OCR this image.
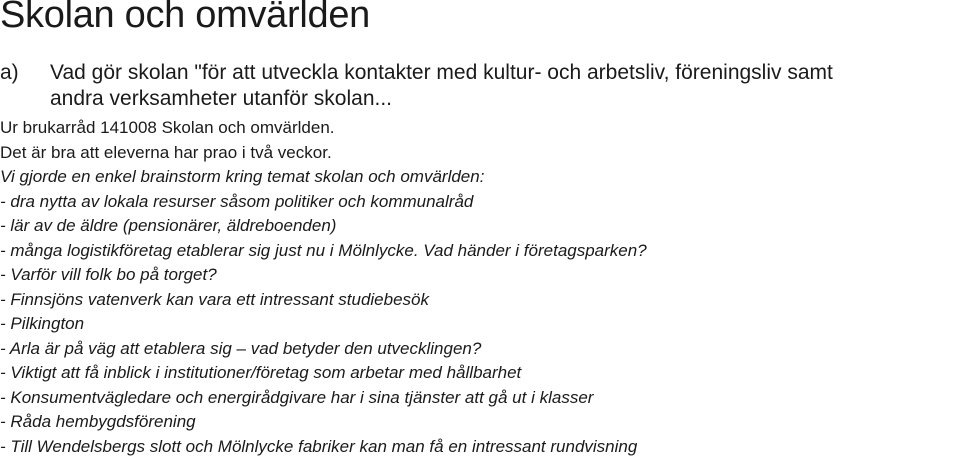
Skolan och omvärlden
a) Vad gör skolan "för att utveckla kontakter med kultur- och arbetsliv, föreningsliv samt
andra verksamheter utanför skolan...
Ur brukarråd 141008 Skolan och omvärlden.
Det är bra att eleverna har prao i två veckor.
Vi gjorde en enkel brainstorm kring temat skolan och omvärlden:
- dra nytta av lokala resurser såsom politiker och kommunalråd
- lär av de äldre (pensionärer, äldreboenden)
- många logistikföretag etablerar sig just nu i Mölnlycke. Vad händer i företagsparken?
- Varför vill folk bo på torget?
- Finnsjöns vatenverk kan vara ett intressant studiebesök
- Pilkington
- Arla är på väg att etablera sig – vad betyder den utvecklingen?
- Viktigt att få inblick i institutioner/företag som arbetar med hållbarhet
- Konsumentvägledare och energirådgivare har i sina tjänster att gå ut i klasser
- Råda hembygdsförening
- Till Wendelsbergs slott och Mölnlycke fabriker kan man få en intressant rundvisning
